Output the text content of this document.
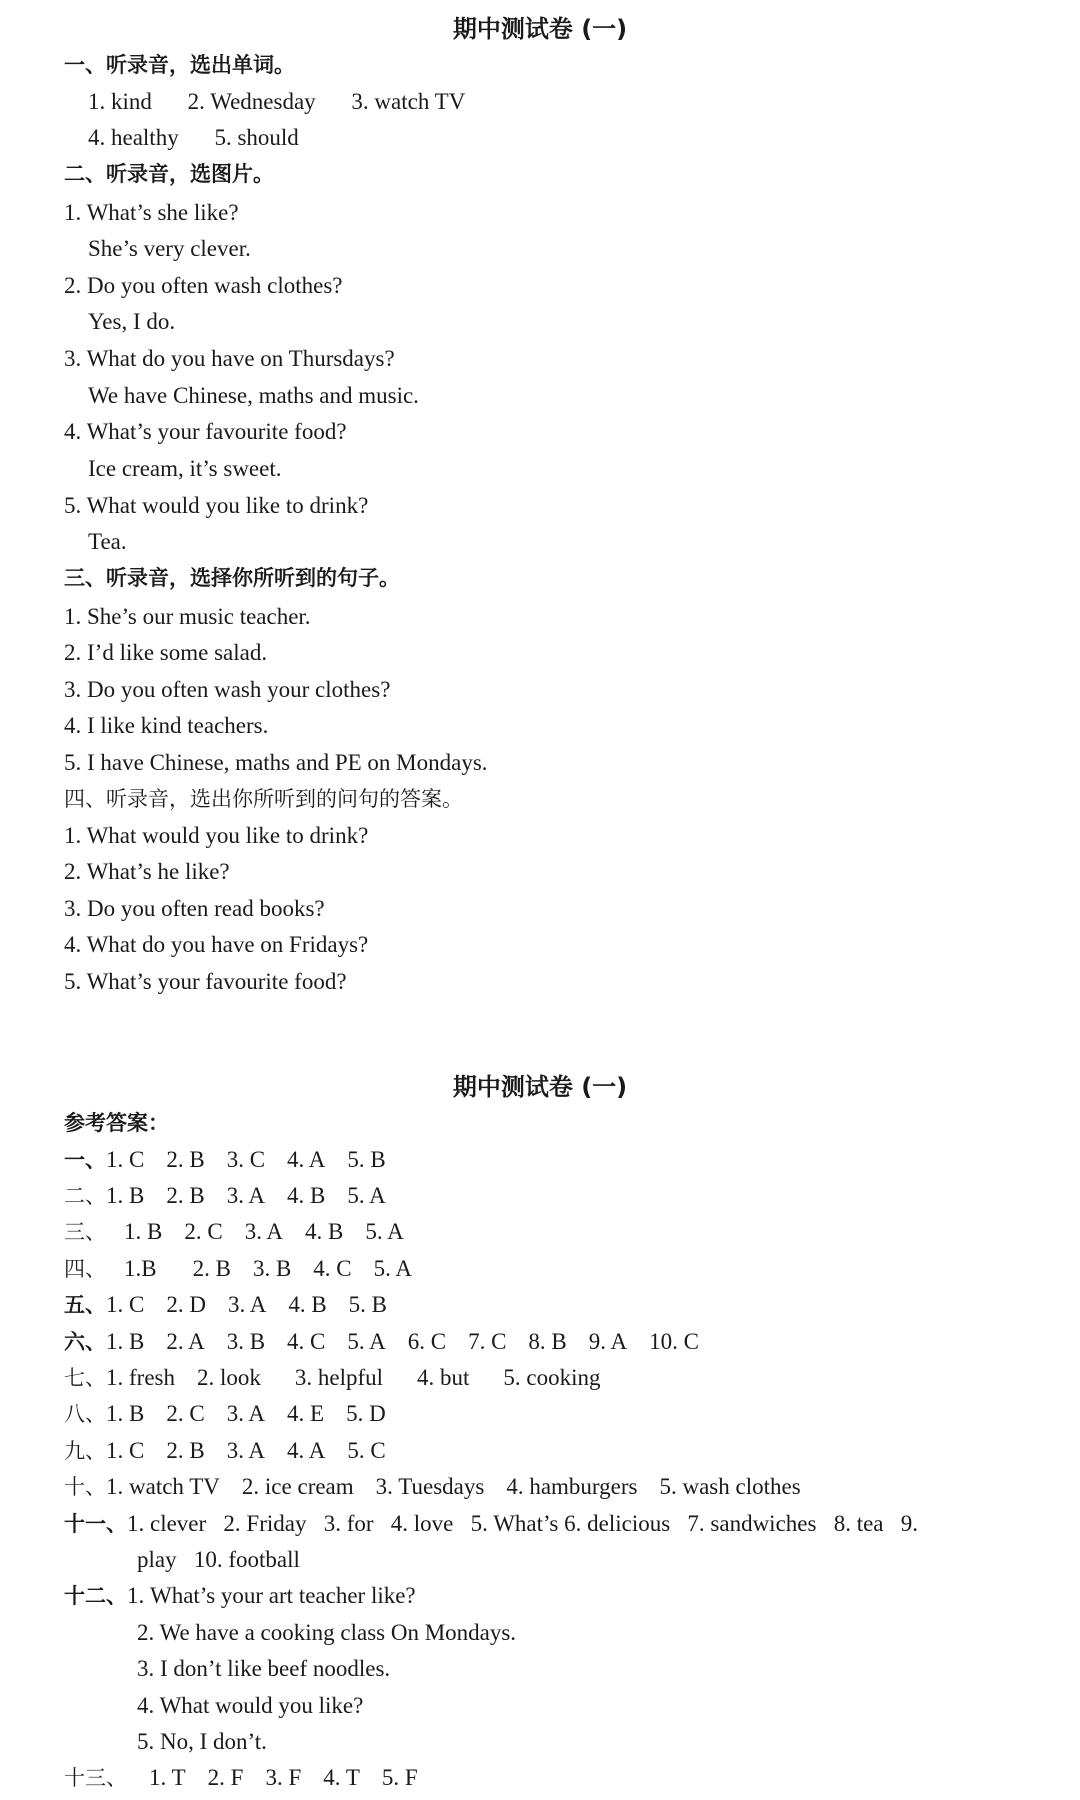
期中测试卷 (一)
一、听录音，选出单词。
1. kind 2. Wednesday 3. watch TV
4. healthy 5. should
二、听录音，选图片。
1. What’s she like?
She’s very clever.
2. Do you often wash clothes?
Yes, I do.
3. What do you have on Thursdays?
We have Chinese, maths and music.
4. What’s your favourite food?
Ice cream, it’s sweet.
5. What would you like to drink?
Tea.
三、听录音，选择你所听到的句子。
1. She’s our music teacher.
2. I’d like some salad.
3. Do you often wash your clothes?
4. I like kind teachers.
5. I have Chinese, maths and PE on Mondays.
四、听录音，选出你所听到的问句的答案。
1. What would you like to drink?
2. What’s he like?
3. Do you often read books?
4. What do you have on Fridays?
5. What’s your favourite food?
期中测试卷 (一)
参考答案：
一、1. C 2. B 3. C 4. A 5. B
二、1. B 2. B 3. A 4. B 5. A
三、 1. B 2. C 3. A 4. B 5. A
四、 1.B 2. B 3. B 4. C 5. A
五、1. C 2. D 3. A 4. B 5. B
六、1. B 2. A 3. B 4. C 5. A 6. C 7. C 8. B 9. A 10. C
七、1. fresh 2. look 3. helpful 4. but 5. cooking
八、1. B 2. C 3. A 4. E 5. D
九、1. C 2. B 3. A 4. A 5. C
十、1. watch TV 2. ice cream 3. Tuesdays 4. hamburgers 5. wash clothes
十一、1. clever   2. Friday   3. for   4. love   5. What’s 6. delicious   7. sandwiches   8. tea   9.
play   10. football
十二、1. What’s your art teacher like?
2. We have a cooking class On Mondays.
3. I don’t like beef noodles.
4. What would you like?
5. No, I don’t.
十三、 1. T 2. F 3. F 4. T 5. F
